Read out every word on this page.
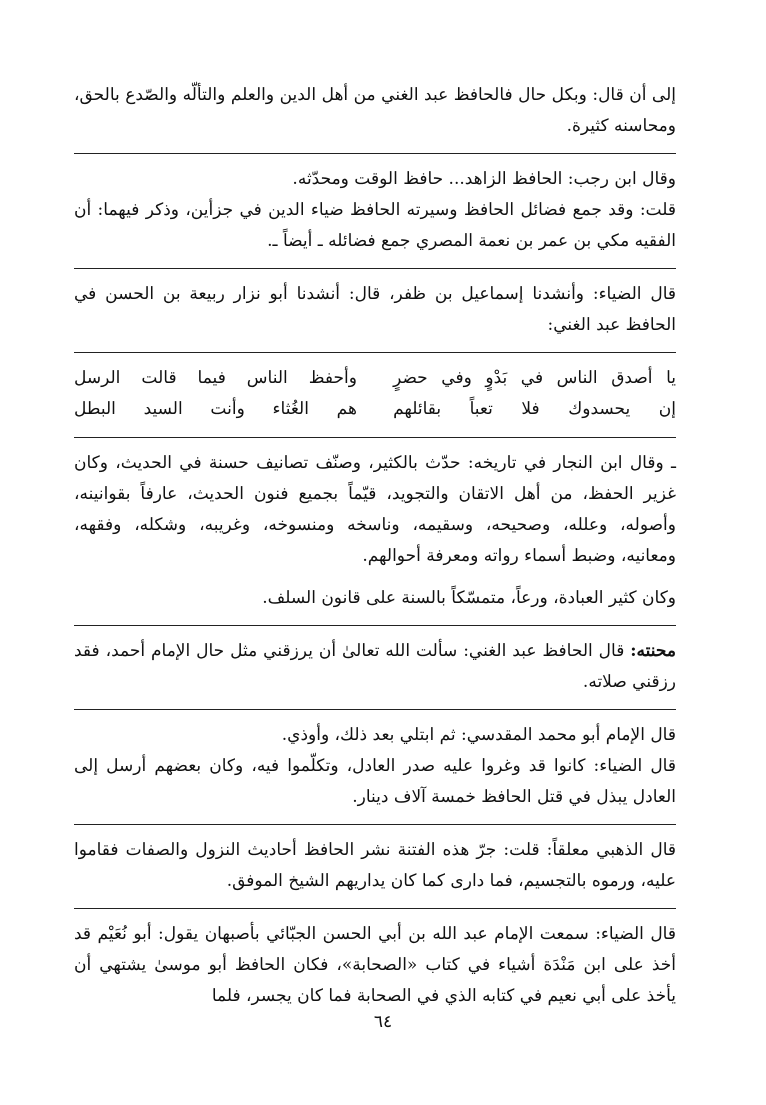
إلى أن قال: وبكل حال فالحافظ عبد الغني من أهل الدين والعلم والتألّه والصّدع بالحق، ومحاسنه كثيرة.

وقال ابن رجب: الحافظ الزاهد... حافظ الوقت ومحدّثه.

قلت: وقد جمع فضائل الحافظ وسيرته الحافظ ضياء الدين في جزأين، وذكر فيهما: أن الفقيه مكي بن عمر بن نعمة المصري جمع فضائله ـ أيضاً ـ.

قال الضياء: وأنشدنا إسماعيل بن ظفر، قال: أنشدنا أبو نزار ربيعة بن الحسن في الحافظ عبد الغني:

يا أصدق الناس في بَدْوٍ وفي حضرٍ
وأحفظ الناس فيما قالت الرسل
إن يحسدوك فلا تعباً بقائلهم
هم الغُثاء وأنت السيد البطل

ـ وقال ابن النجار في تاريخه: حدّث بالكثير، وصنّف تصانيف حسنة في الحديث، وكان غزير الحفظ، من أهل الاتقان والتجويد، قيّماً بجميع فنون الحديث، عارفاً بقوانينه، وأصوله، وعلله، وصحيحه، وسقيمه، وناسخه ومنسوخه، وغريبه، وشكله، وفقهه، ومعانيه، وضبط أسماء رواته ومعرفة أحوالهم.

وكان كثير العبادة، ورعاً، متمسّكاً بالسنة على قانون السلف.

محنته: قال الحافظ عبد الغني: سألت الله تعالىٰ أن يرزقني مثل حال الإمام أحمد، فقد رزقني صلاته.

قال الإمام أبو محمد المقدسي: ثم ابتلي بعد ذلك، وأوذي.

قال الضياء: كانوا قد وغروا عليه صدر العادل، وتكلّموا فيه، وكان بعضهم أرسل إلى العادل يبذل في قتل الحافظ خمسة آلاف دينار.

قال الذهبي معلقاً: قلت: جرّ هذه الفتنة نشر الحافظ أحاديث النزول والصفات فقاموا عليه، ورموه بالتجسيم، فما دارى كما كان يداريهم الشيخ الموفق.

قال الضياء: سمعت الإمام عبد الله بن أبي الحسن الجبّائي بأصبهان يقول: أبو نُعَيْم قد أخذ على ابن مَنْدَة أشياء في كتاب «الصحابة»، فكان الحافظ أبو موسىٰ يشتهي أن يأخذ على أبي نعيم في كتابه الذي في الصحابة فما كان يجسر، فلما

٦٤
